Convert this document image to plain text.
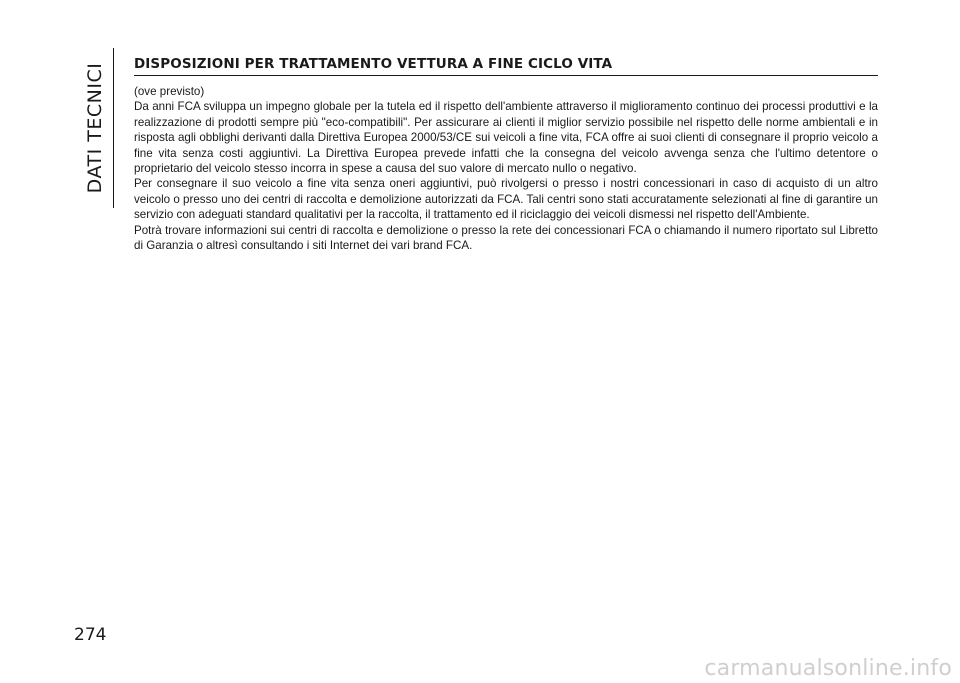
DATI TECNICI DISPOSIZIONI PER TRATTAMENTO VETTURA A FINE CICLO VITA

(ove previsto)

Da anni FCA sviluppa un impegno globale per la tutela ed il rispetto dell'ambiente attraverso il miglioramento continuo dei processi produttivi e la realizzazione di prodotti sempre più "eco-compatibili". Per assicurare ai clienti il miglior servizio possibile nel rispetto delle norme ambientali e in risposta agli obblighi derivanti dalla Direttiva Europea 2000/53/CE sui veicoli a fine vita, FCA offre ai suoi clienti di consegnare il proprio veicolo a fine vita senza costi aggiuntivi. La Direttiva Europea prevede infatti che la consegna del veicolo avvenga senza che l'ultimo detentore o proprietario del veicolo stesso incorra in spese a causa del suo valore di mercato nullo o negativo.

Per consegnare il suo veicolo a fine vita senza oneri aggiuntivi, può rivolgersi o presso i nostri concessionari in caso di acquisto di un altro veicolo o presso uno dei centri di raccolta e demolizione autorizzati da FCA. Tali centri sono stati accuratamente selezionati al fine di garantire un servizio con adeguati standard qualitativi per la raccolta, il trattamento ed il riciclaggio dei veicoli dismessi nel rispetto dell'Ambiente.

Potrà trovare informazioni sui centri di raccolta e demolizione o presso la rete dei concessionari FCA o chiamando il numero riportato sul Libretto di Garanzia o altresì consultando i siti Internet dei vari brand FCA.

274
carmanualsonline.info
